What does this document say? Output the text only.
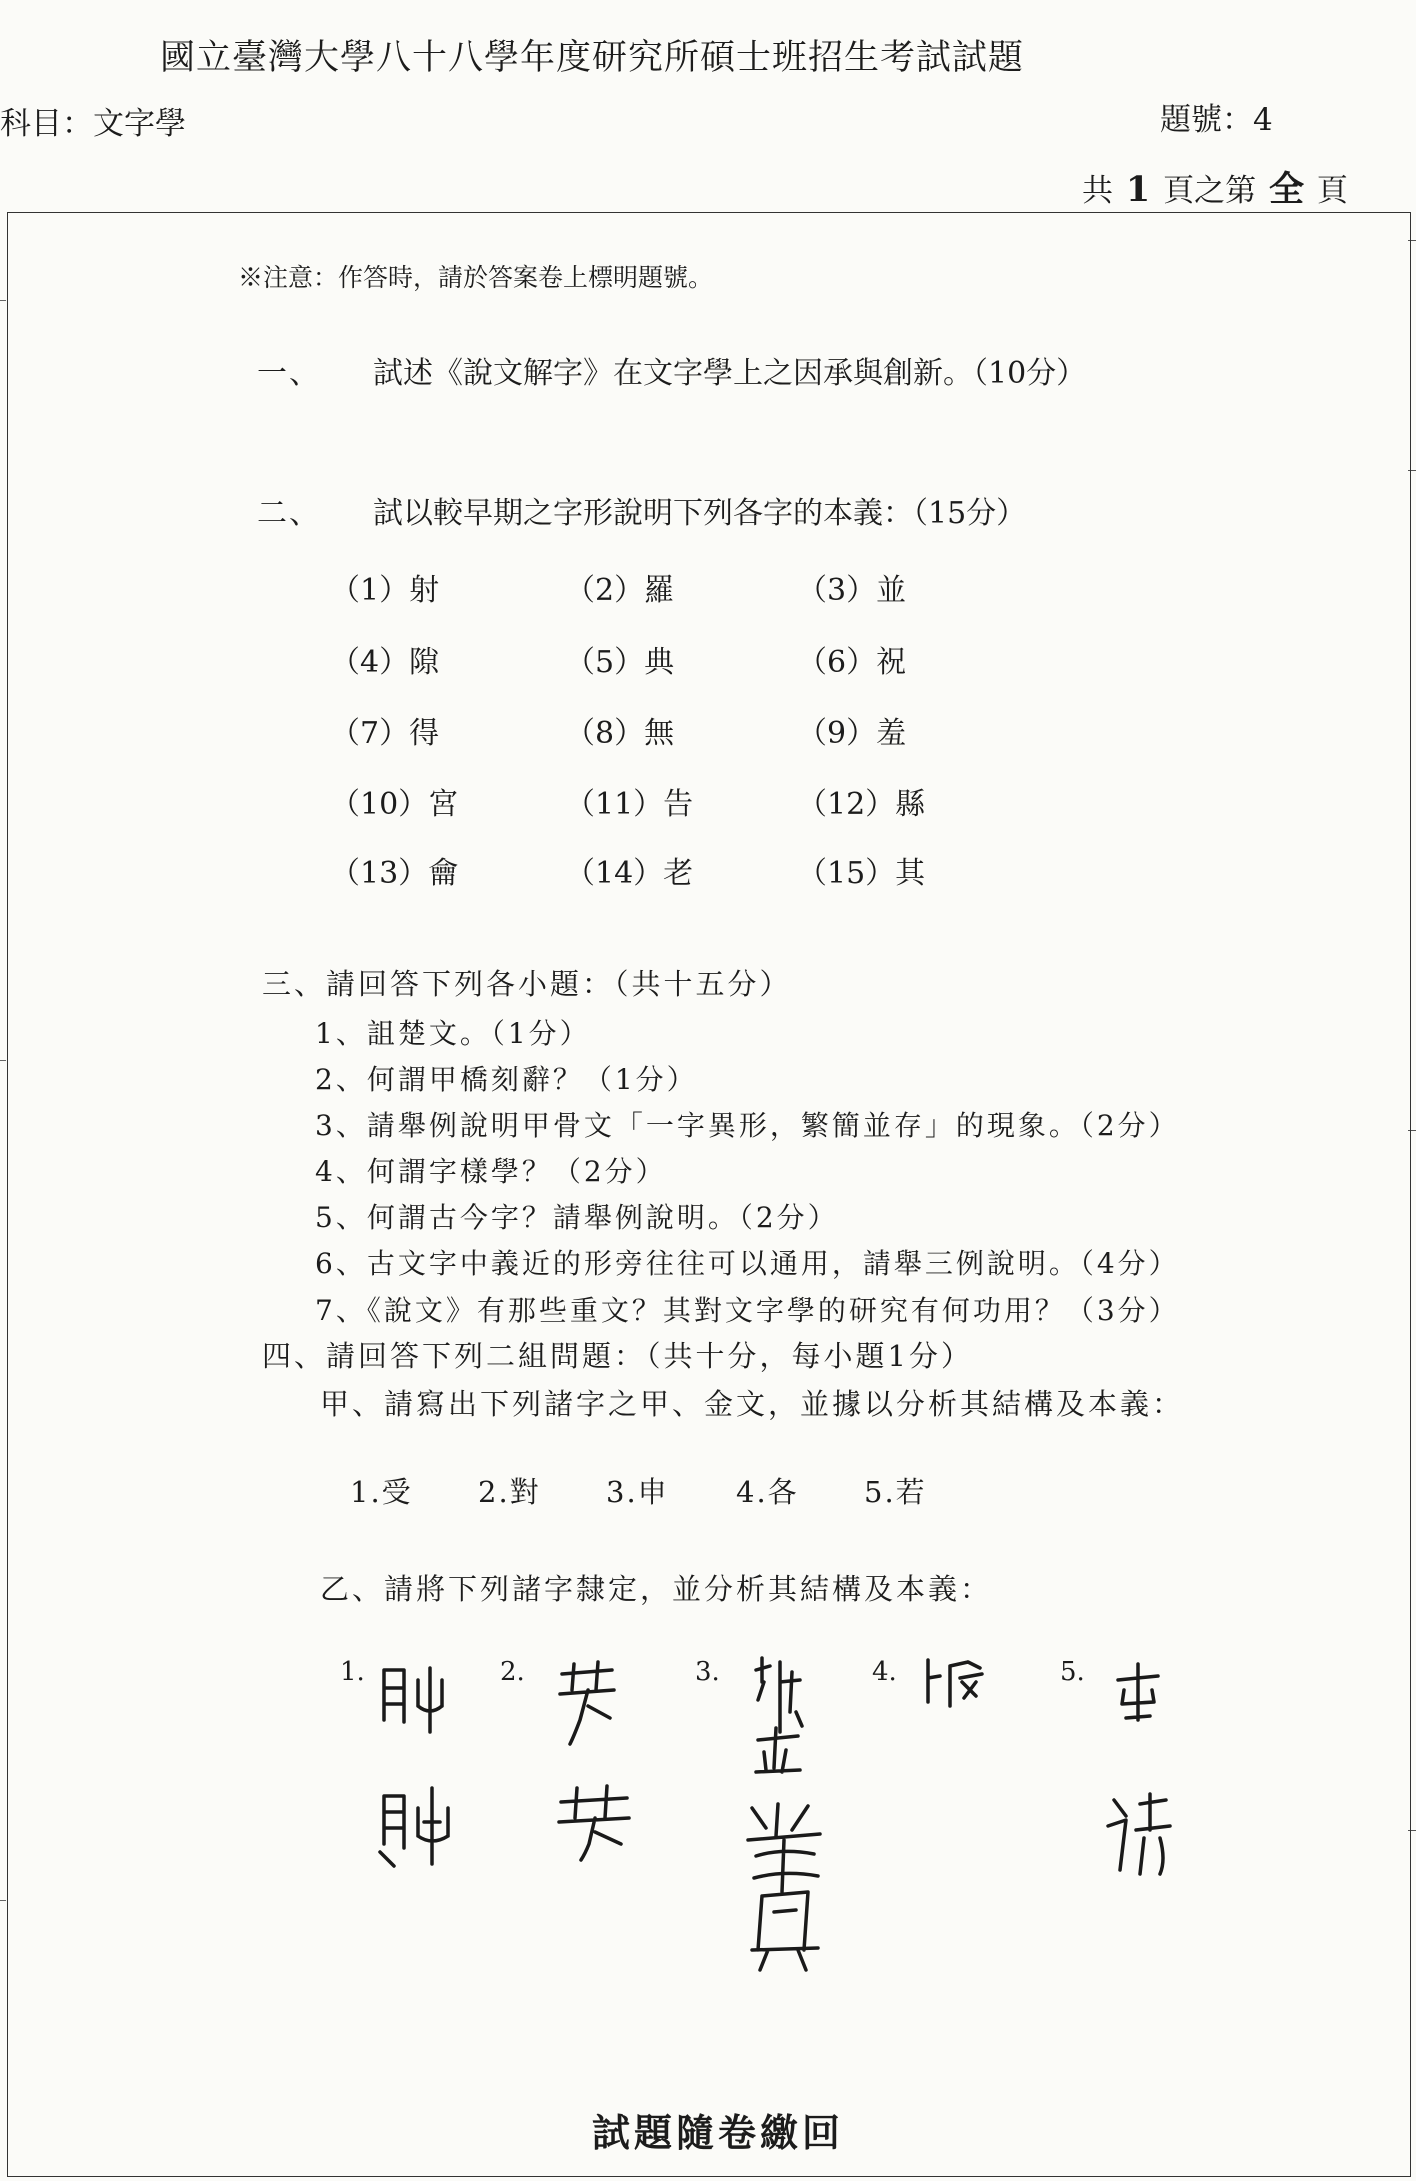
國立臺灣大學八十八學年度研究所碩士班招生考試試題
科目：文字學	題號：4
共 1 頁之第 全 頁
※注意：作答時，請於答案卷上標明題號。
一、 試述《說文解字》在文字學上之因承與創新。（10分）
二、 試以較早期之字形說明下列各字的本義：（15分）
（1）射	（2）羅	（3）並
（4）隙	（5）典	（6）祝
（7）得	（8）無	（9）羞
（10）宮	（11）告	（12）縣
（13）龠	（14）老	（15）其
三、請回答下列各小題：（共十五分）
1、詛楚文。（1分）
2、何謂甲橋刻辭？（1分）
3、請舉例說明甲骨文「一字異形，繁簡並存」的現象。（2分）
4、何謂字樣學？（2分）
5、何謂古今字？請舉例說明。（2分）
6、古文字中義近的形旁往往可以通用，請舉三例說明。（4分）
7、《說文》有那些重文？其對文字學的研究有何功用？（3分）
四、請回答下列二組問題：（共十分，每小題1分）
甲、請寫出下列諸字之甲、金文，並據以分析其結構及本義：
1.受 2.對 3.申 4.各 5.若
乙、請將下列諸字隸定，並分析其結構及本義：
1.	2.	3.	4.	5.
試題隨卷繳回
